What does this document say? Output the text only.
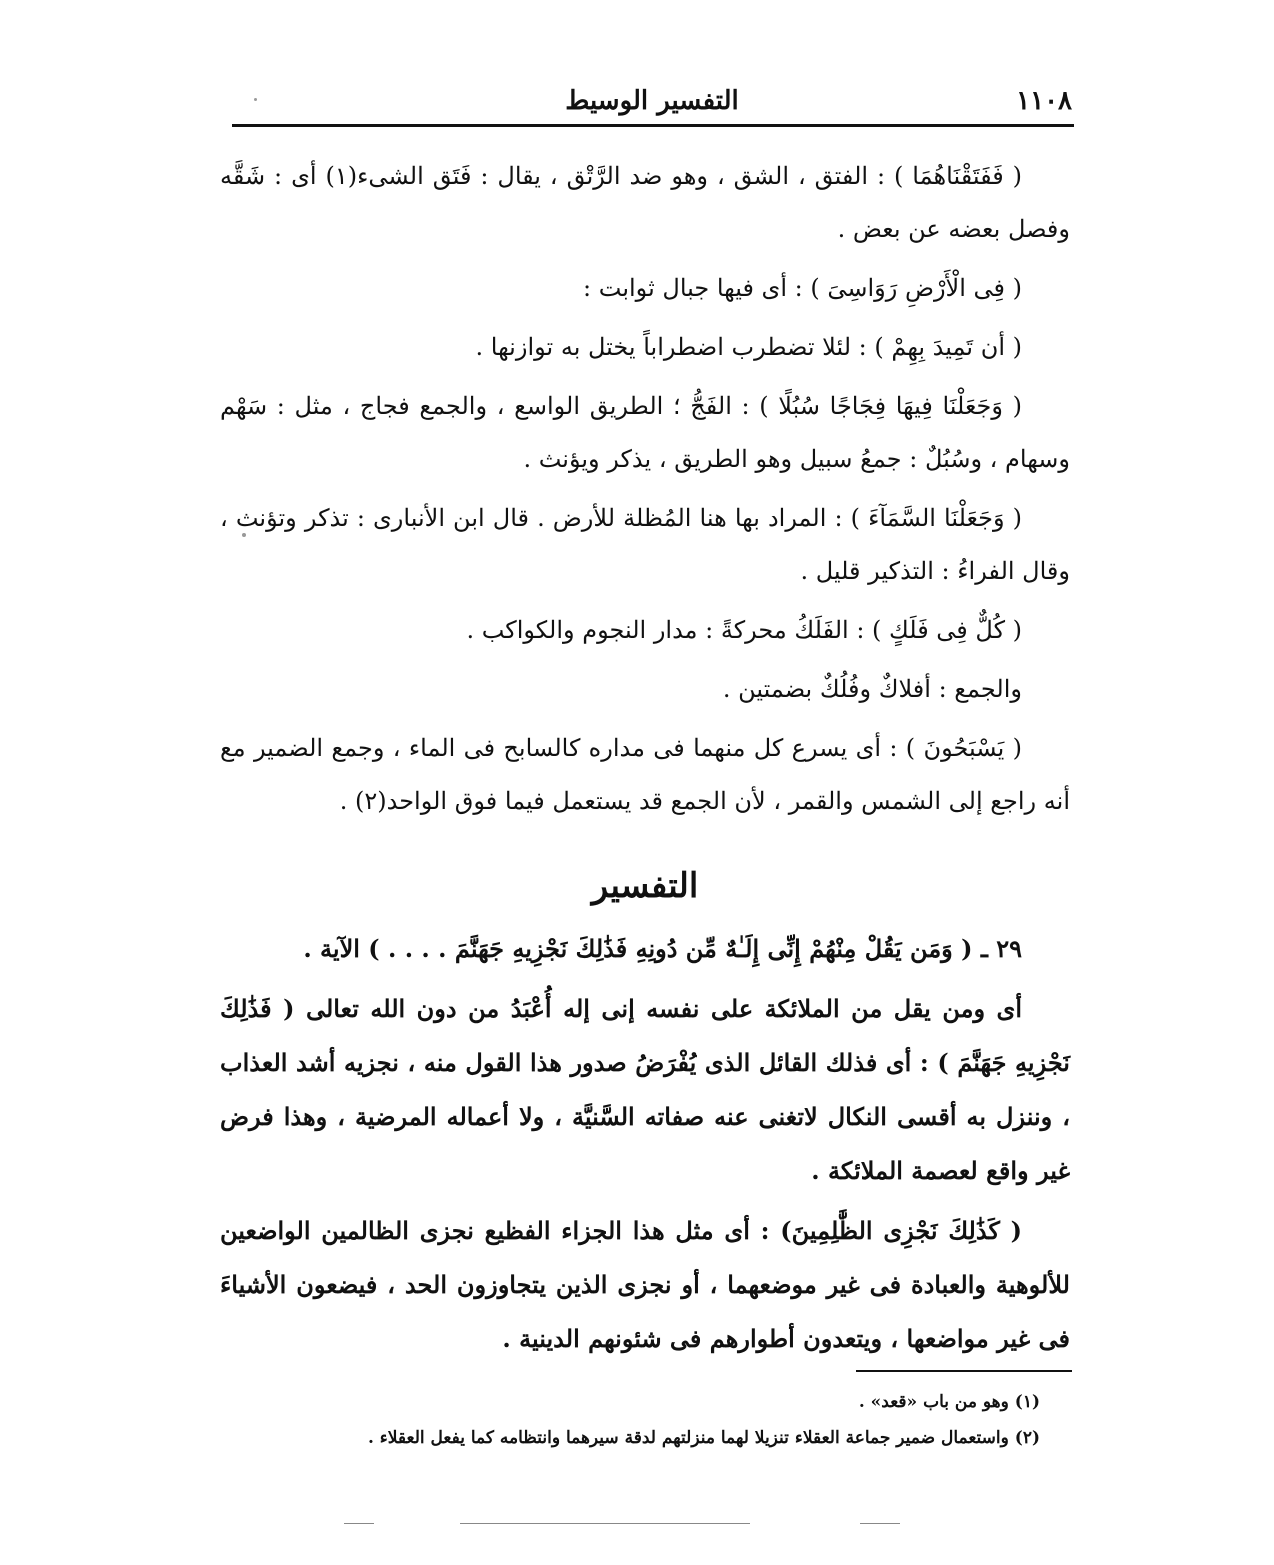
١١٠٨
التفسير الوسيط

( فَفَتَقْنَاهُمَا ) : الفتق ، الشق ، وهو ضد الرَّتْق ، يقال : فَتَق الشىء(١) أى : شَقَّه وفصل بعضه عن بعض .

( فِى الْأَرْضِ رَوَاسِىَ ) : أى فيها جبال ثوابت :

( أن تَمِيدَ بِهِمْ ) : لئلا تضطرب اضطراباً يختل به توازنها .

( وَجَعَلْنَا فِيهَا فِجَاجًا سُبُلًا ) : الفَجُّ ؛ الطريق الواسع ، والجمع فجاج ، مثل : سَهْم وسهام ، وسُبُلٌ : جمعُ سبيل وهو الطريق ، يذكر ويؤنث .

( وَجَعَلْنَا السَّمَآءَ ) : المراد بها هنا المُظلة للأرض . قال ابن الأنبارى : تذكر وتؤنث ، وقال الفراءُ : التذكير قليل .

( كُلٌّ فِى فَلَكٍ ) : الفَلَكُ محركةً : مدار النجوم والكواكب .

والجمع : أفلاكٌ وفُلُكٌ بضمتين .

( يَسْبَحُونَ ) : أى يسرع كل منهما فى مداره كالسابح فى الماء ، وجمع الضمير مع أنه راجع إلى الشمس والقمر ، لأن الجمع قد يستعمل فيما فوق الواحد(٢) .

التفسير

٢٩ ـ ( وَمَن يَقُلْ مِنْهُمْ إِنِّى إِلَـٰهٌ مِّن دُونِهِ فَذَٰلِكَ نَجْزِيهِ جَهَنَّمَ . . . . ) الآية .

أى ومن يقل من الملائكة على نفسه إنى إله أُعْبَدُ من دون الله تعالى ( فَذَٰلِكَ نَجْزِيهِ جَهَنَّمَ ) : أى فذلك القائل الذى يُفْرَضُ صدور هذا القول منه ، نجزيه أشد العذاب ، وننزل به أقسى النكال لاتغنى عنه صفاته السَّنيَّة ، ولا أعماله المرضية ، وهذا فرض غير واقع لعصمة الملائكة .

( كَذَٰلِكَ نَجْزِى الظَّٰلِمِينَ) : أى مثل هذا الجزاء الفظيع نجزى الظالمين الواضعين للألوهية والعبادة فى غير موضعهما ، أو نجزى الذين يتجاوزون الحد ، فيضعون الأشياءَ فى غير مواضعها ، ويتعدون أطوارهم فى شئونهم الدينية .

(١) وهو من باب «قعد» .

(٢) واستعمال ضمير جماعة العقلاء تنزيلا لهما منزلتهم لدقة سيرهما وانتظامه كما يفعل العقلاء .
